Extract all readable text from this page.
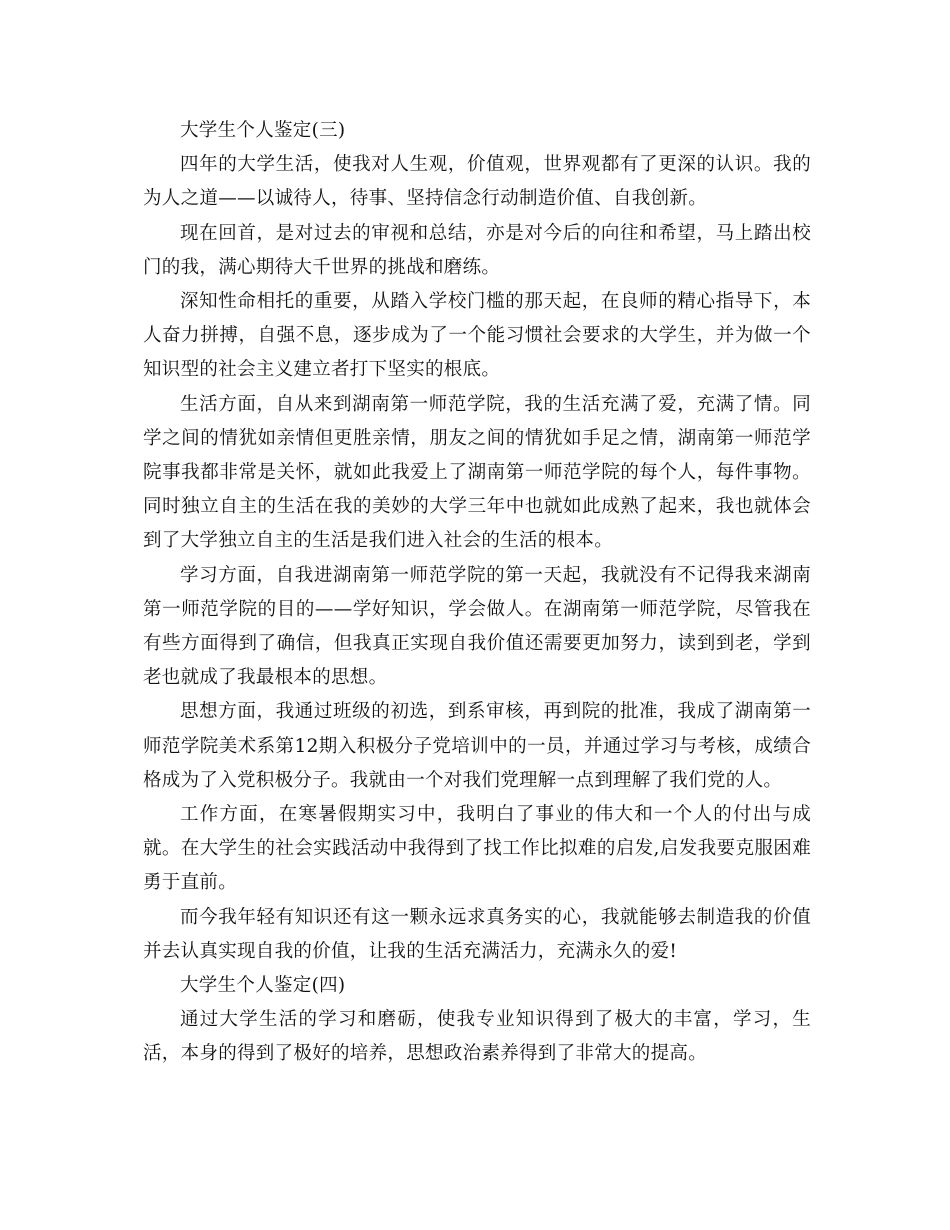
大学生个人鉴定(三)

四年的大学生活，使我对人生观，价值观，世界观都有了更深的认识。我的为人之道——以诚待人，待事、坚持信念行动制造价值、自我创新。

现在回首，是对过去的审视和总结，亦是对今后的向往和希望，马上踏出校门的我，满心期待大千世界的挑战和磨练。

深知性命相托的重要，从踏入学校门槛的那天起，在良师的精心指导下，本人奋力拼搏，自强不息，逐步成为了一个能习惯社会要求的大学生，并为做一个知识型的社会主义建立者打下坚实的根底。

生活方面，自从来到湖南第一师范学院，我的生活充满了爱，充满了情。同学之间的情犹如亲情但更胜亲情，朋友之间的情犹如手足之情，湖南第一师范学院事我都非常是关怀，就如此我爱上了湖南第一师范学院的每个人，每件事物。同时独立自主的生活在我的美妙的大学三年中也就如此成熟了起来，我也就体会到了大学独立自主的生活是我们进入社会的生活的根本。

学习方面，自我进湖南第一师范学院的第一天起，我就没有不记得我来湖南第一师范学院的目的——学好知识，学会做人。在湖南第一师范学院，尽管我在有些方面得到了确信，但我真正实现自我价值还需要更加努力，读到到老，学到老也就成了我最根本的思想。

思想方面，我通过班级的初选，到系审核，再到院的批准，我成了湖南第一师范学院美术系第12期入积极分子党培训中的一员，并通过学习与考核，成绩合格成为了入党积极分子。我就由一个对我们党理解一点到理解了我们党的人。

工作方面，在寒暑假期实习中，我明白了事业的伟大和一个人的付出与成就。在大学生的社会实践活动中我得到了找工作比拟难的启发,启发我要克服困难勇于直前。

而今我年轻有知识还有这一颗永远求真务实的心，我就能够去制造我的价值并去认真实现自我的价值，让我的生活充满活力，充满永久的爱!

大学生个人鉴定(四)

通过大学生活的学习和磨砺，使我专业知识得到了极大的丰富，学习，生活，本身的得到了极好的培养，思想政治素养得到了非常大的提高。
